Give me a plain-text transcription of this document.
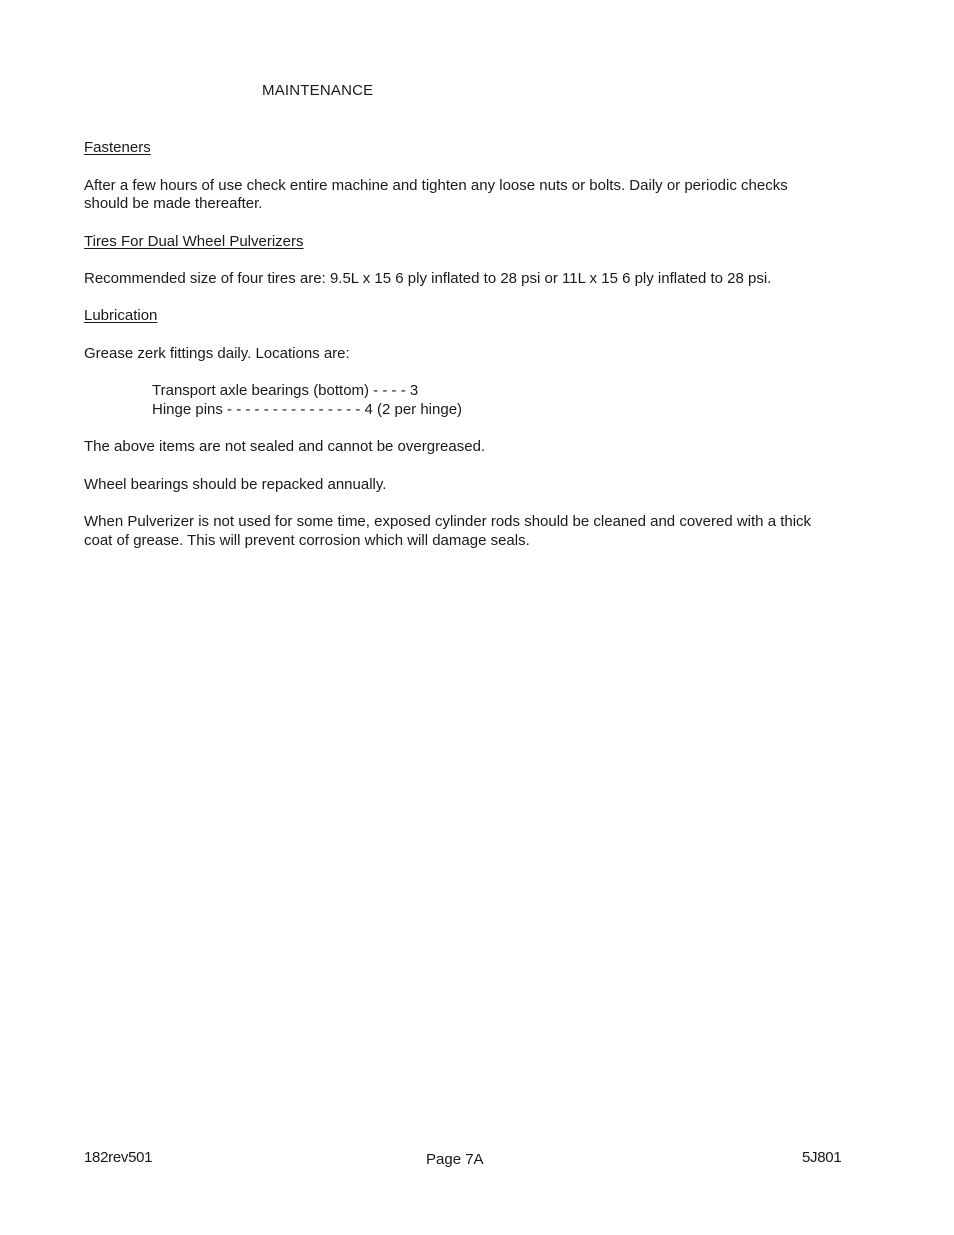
MAINTENANCE
Fasteners
After a few hours of use check entire machine and tighten any loose nuts or bolts. Daily or periodic checks
should be made thereafter.
Tires For Dual Wheel Pulverizers
Recommended size of four tires are: 9.5L x 15 6 ply inflated to 28 psi or 11L x 15 6 ply inflated to 28 psi.
Lubrication
Grease zerk fittings daily. Locations are:
Transport axle bearings (bottom) - - - - 3
Hinge pins - - - - - - - - - - - - - - - 4 (2 per hinge)
The above items are not sealed and cannot be overgreased.
Wheel bearings should be repacked annually.
When Pulverizer is not used for some time, exposed cylinder rods should be cleaned and covered with a thick
coat of grease. This will prevent corrosion which will damage seals.
182rev501	Page 7A	5J801
